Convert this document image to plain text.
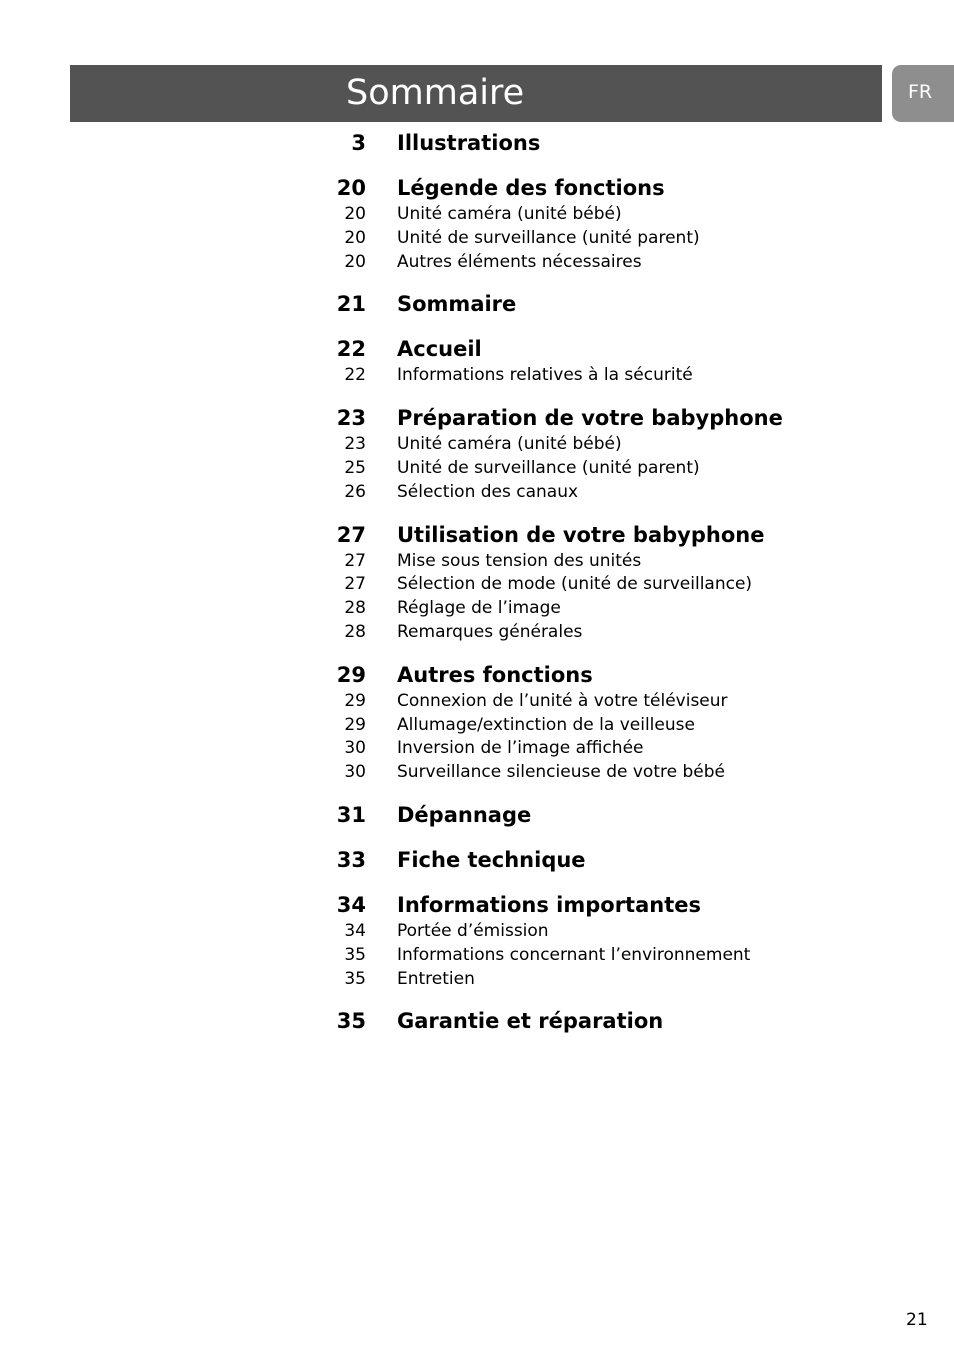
Sommaire	FR
3 Illustrations
20 Légende des fonctions
20 Unité caméra (unité bébé)
20 Unité de surveillance (unité parent)
20 Autres éléments nécessaires
21 Sommaire
22 Accueil
22 Informations relatives à la sécurité
23 Préparation de votre babyphone
23 Unité caméra (unité bébé)
25 Unité de surveillance (unité parent)
26 Sélection des canaux
27 Utilisation de votre babyphone
27 Mise sous tension des unités
27 Sélection de mode (unité de surveillance)
28 Réglage de l’image
28 Remarques générales
29 Autres fonctions
29 Connexion de l’unité à votre téléviseur
29 Allumage/extinction de la veilleuse
30 Inversion de l’image affichée
30 Surveillance silencieuse de votre bébé
31 Dépannage
33 Fiche technique
34 Informations importantes
34 Portée d’émission
35 Informations concernant l’environnement
35 Entretien
35 Garantie et réparation
21
